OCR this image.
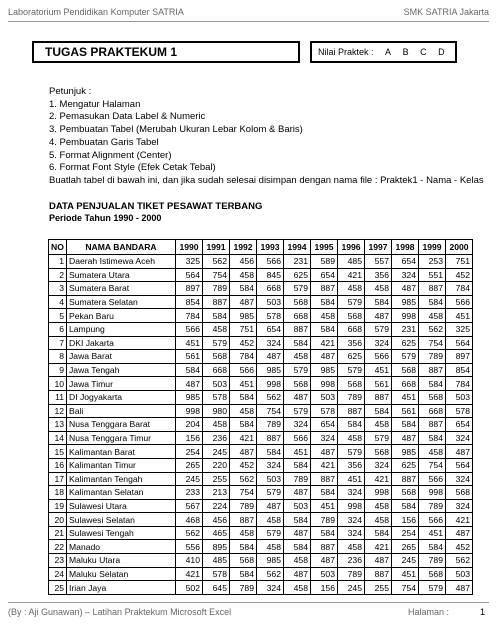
Laboratorium Pendidikan Komputer SATRIA	SMK SATRIA Jakarta
TUGAS PRAKTEKUM 1	Nilai Praktek : A B C D
Petunjuk :
1. Mengatur Halaman
2. Pemasukan Data Label & Numeric
3. Pembuatan Tabel (Merubah Ukuran Lebar Kolom & Baris)
4. Pembuatan Garis Tabel
5. Format Alignment (Center)
6. Format Font Style (Efek Cetak Tebal)
Buatlah tabel di bawah ini, dan jika sudah selesai disimpan dengan nama file : Praktek1 - Nama - Kelas
DATA PENJUALAN TIKET PESAWAT TERBANG
Periode Tahun 1990 - 2000
NO	NAMA BANDARA	1990	1991	1992	1993	1994	1995	1996	1997	1998	1999	2000
1	Daerah Istimewa Aceh	325	562	456	566	231	589	485	557	654	253	751
2	Sumatera Utara	564	754	458	845	625	654	421	356	324	551	452
3	Sumatera Barat	897	789	584	668	579	887	458	458	487	887	784
4	Sumatera Selatan	854	887	487	503	568	584	579	584	985	584	566
5	Pekan Baru	784	584	985	578	668	458	568	487	998	458	451
6	Lampung	566	458	751	654	887	584	668	579	231	562	325
7	DKI Jakarta	451	579	452	324	584	421	356	324	625	754	564
8	Jawa Barat	561	568	784	487	458	487	625	566	579	789	897
9	Jawa Tengah	584	668	566	985	579	985	579	451	568	887	854
10	Jawa Timur	487	503	451	998	568	998	568	561	668	584	784
11	DI Jogyakarta	985	578	584	562	487	503	789	887	451	568	503
12	Bali	998	980	458	754	579	578	887	584	561	668	578
13	Nusa Tenggara Barat	204	458	584	789	324	654	584	458	584	887	654
14	Nusa Tenggara Timur	156	236	421	887	566	324	458	579	487	584	324
15	Kalimantan Barat	254	245	487	584	451	487	579	568	985	458	487
16	Kalimantan Timur	265	220	452	324	584	421	356	324	625	754	564
17	Kalimantan Tengah	245	255	562	503	789	887	451	421	887	566	324
18	Kalimantan Selatan	233	213	754	579	487	584	324	998	568	998	568
19	Sulawesi Utara	567	224	789	487	503	451	998	458	584	789	324
20	Sulawesi Selatan	468	456	887	458	584	789	324	458	156	566	421
21	Sulawesi Tengah	562	465	458	579	487	584	324	584	254	451	487
22	Manado	556	895	584	458	584	887	458	421	265	584	452
23	Maluku Utara	410	485	568	985	458	487	236	487	245	789	562
24	Maluku Selatan	421	578	584	562	487	503	789	887	451	568	503
25	Irian Jaya	502	645	789	324	458	156	245	255	754	579	487
(By : Aji Gunawan) – Latihan Praktekum Microsoft Excel	Halaman :	1
